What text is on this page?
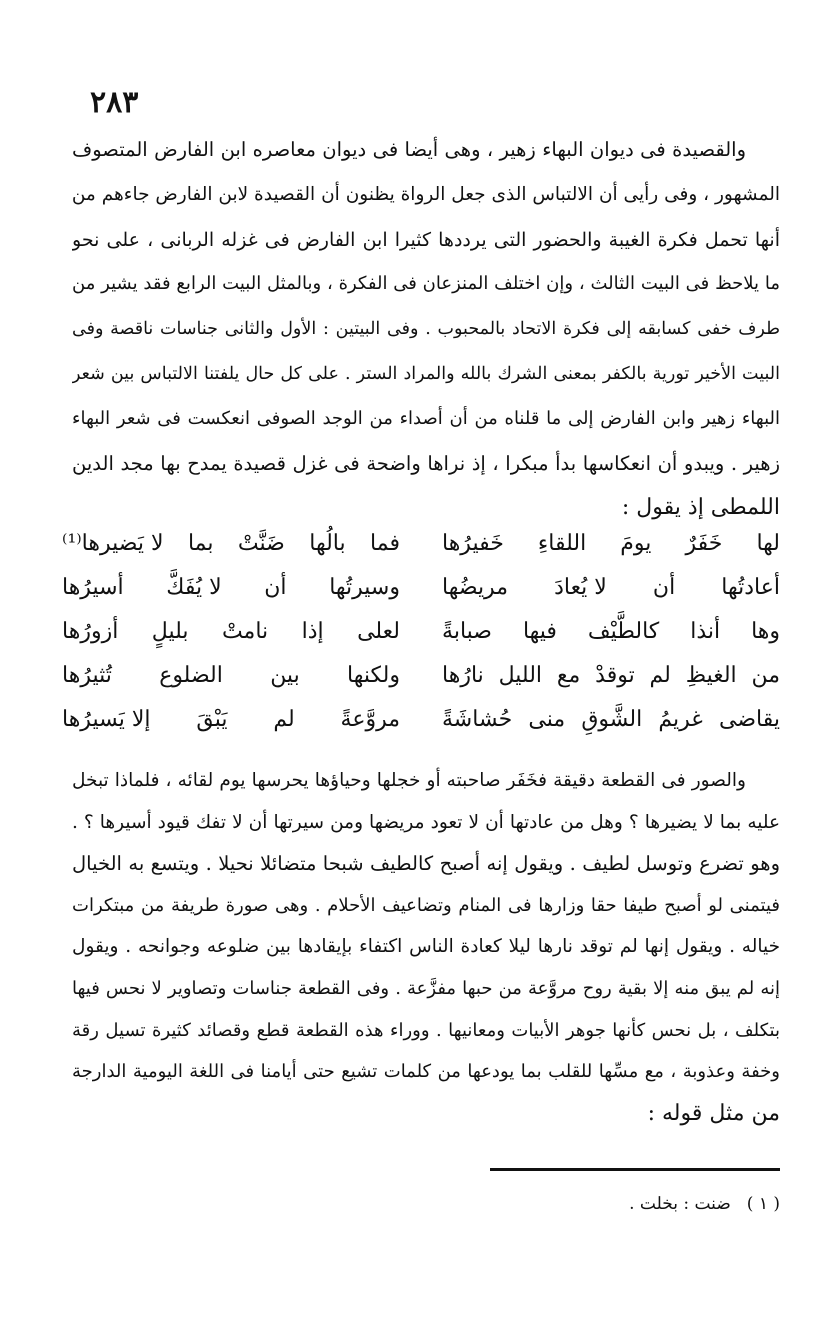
٢٨٣
والقصيدة فى ديوان البهاء زهير ، وهى أيضا فى ديوان معاصره ابن الفارض المتصوف
المشهور ، وفى رأيى أن الالتباس الذى جعل الرواة يظنون أن القصيدة لابن الفارض جاءهم من
أنها تحمل فكرة الغيبة والحضور التى يرددها كثيرا ابن الفارض فى غزله الربانى ، على نحو
ما يلاحظ فى البيت الثالث ، وإن اختلف المنزعان فى الفكرة ، وبالمثل البيت الرابع فقد يشير من
طرف خفى كسابقه إلى فكرة الاتحاد بالمحبوب . وفى البيتين : الأول والثانى جناسات ناقصة وفى
البيت الأخير تورية بالكفر بمعنى الشرك بالله والمراد الستر . على كل حال يلفتنا الالتباس بين شعر
البهاء زهير وابن الفارض إلى ما قلناه من أن أصداء من الوجد الصوفى انعكست فى شعر البهاء
زهير . ويبدو أن انعكاسها بدأ مبكرا ، إذ نراها واضحة فى غزل قصيدة يمدح بها مجد الدين
اللمطى إذ يقول :
لها
خَفَرٌ
يومَ
اللقاءِ
خَفيرُها
فما
بالُها
ضَنَّتْ
بما
لا يَضيرها⁽¹⁾
أعادتُها
أن
لا يُعادَ
مريضُها
وسيرتُها
أن
لا يُفَكَّ
أسيرُها
وها
أنذا
كالطَّيْف
فيها
صبابةً
لعلى
إذا
نامتْ
بليلٍ
أزورُها
من
الغيظِ
لم
توقدْ
مع
الليل
نارُها
ولكنها
بين
الضلوع
تُثيرُها
يقاضى
غريمُ
الشَّوقِ
منى
حُشاشَةً
مروَّعةً
لم
يَبْقَ
إلا يَسيرُها
والصور فى القطعة دقيقة فخَفَر صاحبته أو خجلها وحياؤها يحرسها يوم لقائه ، فلماذا تبخل
عليه بما لا يضيرها ؟ وهل من عادتها أن لا تعود مريضها ومن سيرتها أن لا تفك قيود أسيرها ؟ .
وهو تضرع وتوسل لطيف . ويقول إنه أصبح كالطيف شبحا متضائلا نحيلا . ويتسع به الخيال
فيتمنى لو أصبح طيفا حقا وزارها فى المنام وتضاعيف الأحلام . وهى صورة طريفة من مبتكرات
خياله . ويقول إنها لم توقد نارها ليلا كعادة الناس اكتفاء بإيقادها بين ضلوعه وجوانحه . ويقول
إنه لم يبق منه إلا بقية روح مروَّعة من حبها مفزَّعة . وفى القطعة جناسات وتصاوير لا نحس فيها
بتكلف ، بل نحس كأنها جوهر الأبيات ومعانيها . ووراء هذه القطعة قطع وقصائد كثيرة تسيل رقة
وخفة وعذوبة ، مع مسِّها للقلب بما يودعها من كلمات تشيع حتى أيامنا فى اللغة اليومية الدارجة
من مثل قوله :
( ١ )ضنت : بخلت .
